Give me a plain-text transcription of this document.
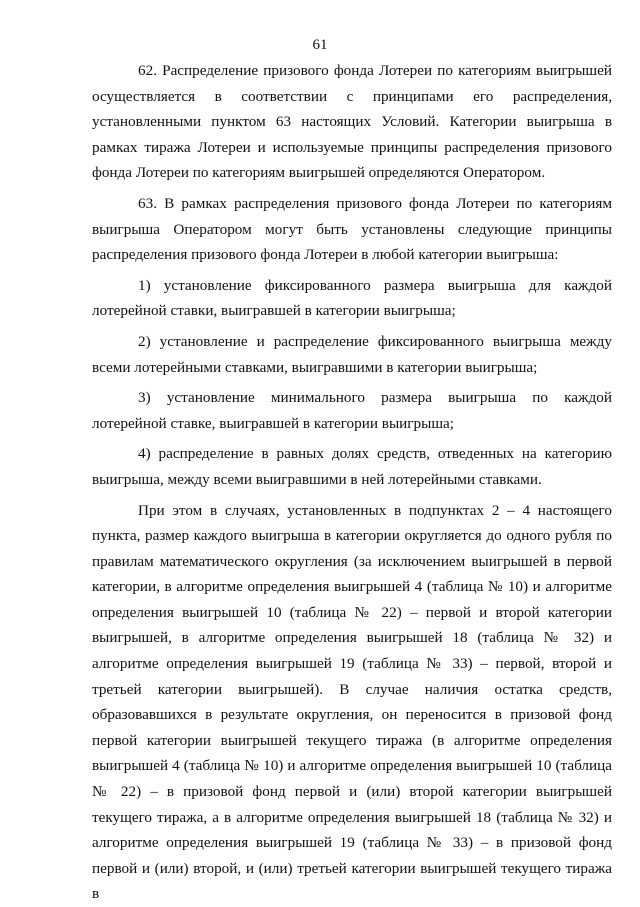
61

62. Распределение призового фонда Лотереи по категориям выигрышей осуществляется в соответствии с принципами его распределения, установленными пунктом 63 настоящих Условий. Категории выигрыша в рамках тиража Лотереи и используемые принципы распределения призового фонда Лотереи по категориям выигрышей определяются Оператором.

63. В рамках распределения призового фонда Лотереи по категориям выигрыша Оператором могут быть установлены следующие принципы распределения призового фонда Лотереи в любой категории выигрыша:

1) установление фиксированного размера выигрыша для каждой лотерейной ставки, выигравшей в категории выигрыша;

2) установление и распределение фиксированного выигрыша между всеми лотерейными ставками, выигравшими в категории выигрыша;

3) установление минимального размера выигрыша по каждой лотерейной ставке, выигравшей в категории выигрыша;

4) распределение в равных долях средств, отведенных на категорию выигрыша, между всеми выигравшими в ней лотерейными ставками.

При этом в случаях, установленных в подпунктах 2 – 4 настоящего пункта, размер каждого выигрыша в категории округляется до одного рубля по правилам математического округления (за исключением выигрышей в первой категории, в алгоритме определения выигрышей 4 (таблица № 10) и алгоритме определения выигрышей 10 (таблица № 22) – первой и второй категории выигрышей, в алгоритме определения выигрышей 18 (таблица № 32) и алгоритме определения выигрышей 19 (таблица № 33) – первой, второй и третьей категории выигрышей). В случае наличия остатка средств, образовавшихся в результате округления, он переносится в призовой фонд первой категории выигрышей текущего тиража (в алгоритме определения выигрышей 4 (таблица № 10) и алгоритме определения выигрышей 10 (таблица № 22) – в призовой фонд первой и (или) второй категории выигрышей текущего тиража, а в алгоритме определения выигрышей 18 (таблица № 32) и алгоритме определения выигрышей 19 (таблица № 33) – в призовой фонд первой и (или) второй, и (или) третьей категории выигрышей текущего тиража в
